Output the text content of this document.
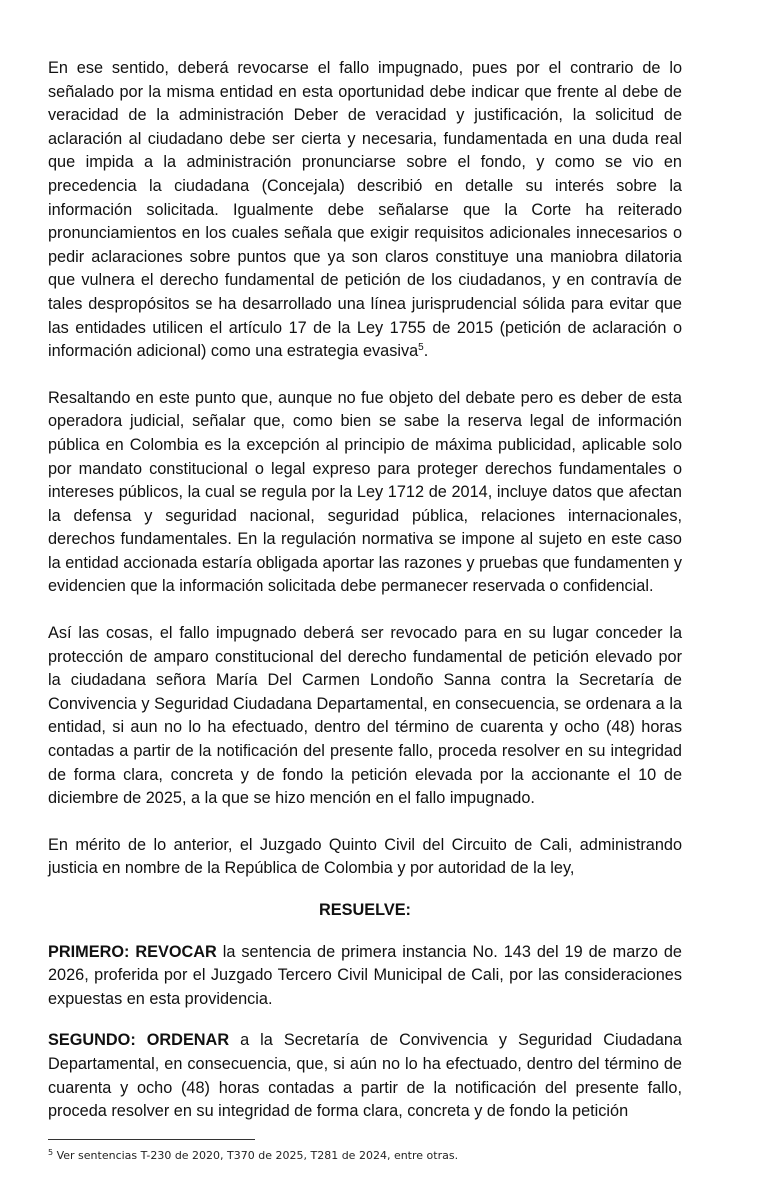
En ese sentido, deberá revocarse el fallo impugnado, pues por el contrario de lo señalado por la misma entidad en esta oportunidad debe indicar que frente al debe de veracidad de la administración Deber de veracidad y justificación, la solicitud de aclaración al ciudadano debe ser cierta y necesaria, fundamentada en una duda real que impida a la administración pronunciarse sobre el fondo, y como se vio en precedencia la ciudadana (Concejala) describió en detalle su interés sobre la información solicitada. Igualmente debe señalarse que la Corte ha reiterado pronunciamientos en los cuales señala que exigir requisitos adicionales innecesarios o pedir aclaraciones sobre puntos que ya son claros constituye una maniobra dilatoria que vulnera el derecho fundamental de petición de los ciudadanos, y en contravía de tales despropósitos se ha desarrollado una línea jurisprudencial sólida para evitar que las entidades utilicen el artículo 17 de la Ley 1755 de 2015 (petición de aclaración o información adicional) como una estrategia evasiva$^5$.

Resaltando en este punto que, aunque no fue objeto del debate pero es deber de esta operadora judicial, señalar que, como bien se sabe la reserva legal de información pública en Colombia es la excepción al principio de máxima publicidad, aplicable solo por mandato constitucional o legal expreso para proteger derechos fundamentales o intereses públicos, la cual se regula por la Ley 1712 de 2014, incluye datos que afectan la defensa y seguridad nacional, seguridad pública, relaciones internacionales, derechos fundamentales. En la regulación normativa se impone al sujeto en este caso la entidad accionada estaría obligada aportar las razones y pruebas que fundamenten y evidencien que la información solicitada debe permanecer reservada o confidencial.

Así las cosas, el fallo impugnado deberá ser revocado para en su lugar conceder la protección de amparo constitucional del derecho fundamental de petición elevado por la ciudadana señora María Del Carmen Londoño Sanna contra la Secretaría de Convivencia y Seguridad Ciudadana Departamental, en consecuencia, se ordenara a la entidad, si aun no lo ha efectuado, dentro del término de cuarenta y ocho (48) horas contadas a partir de la notificación del presente fallo, proceda resolver en su integridad de forma clara, concreta y de fondo la petición elevada por la accionante el 10 de diciembre de 2025, a la que se hizo mención en el fallo impugnado.

En mérito de lo anterior, el Juzgado Quinto Civil del Circuito de Cali, administrando justicia en nombre de la República de Colombia y por autoridad de la ley,

RESUELVE:

PRIMERO: REVOCAR la sentencia de primera instancia No. 143 del 19 de marzo de 2026, proferida por el Juzgado Tercero Civil Municipal de Cali, por las consideraciones expuestas en esta providencia.

SEGUNDO: ORDENAR a la Secretaría de Convivencia y Seguridad Ciudadana Departamental, en consecuencia, que, si aún no lo ha efectuado, dentro del término de cuarenta y ocho (48) horas contadas a partir de la notificación del presente fallo, proceda resolver en su integridad de forma clara, concreta y de fondo la petición

$^5$ Ver sentencias T-230 de 2020, T370 de 2025, T281 de 2024, entre otras.
